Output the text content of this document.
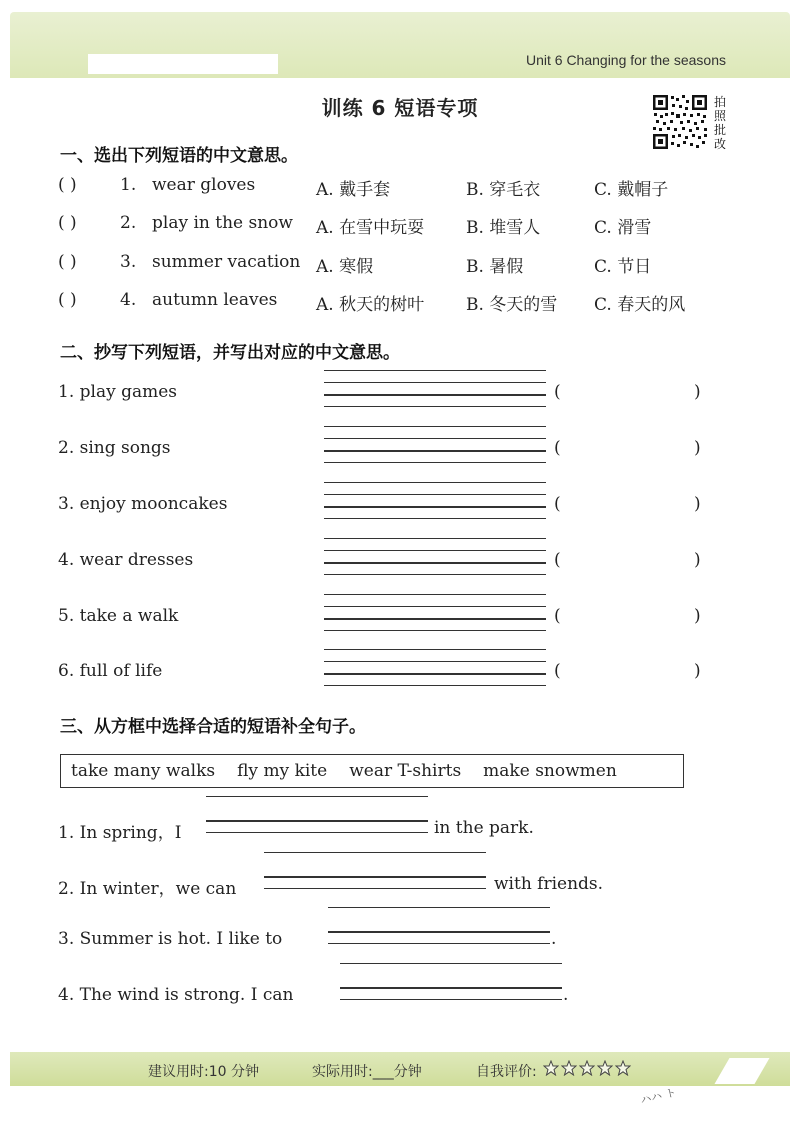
Unit 6 Changing for the seasons
训练 6 短语专项	拍
照
批
改
一、选出下列短语的中文意思。
( )	1. wear gloves	A. 戴手套	B. 穿毛衣	C. 戴帽子
( )	2. play in the snow A. 在雪中玩耍 B. 堆雪人	C. 滑雪
( )	3. summer vacation A. 寒假	B. 暑假	C. 节日
( )	4. autumn leaves A. 秋天的树叶 B. 冬天的雪 C. 春天的风
二、抄写下列短语，并写出对应的中文意思。
1. play games	(	)
2. sing songs	(	)
3. enjoy mooncakes	(	)
4. wear dresses	(	)
5. take a walk	(	)
6. full of life	(	)
三、从方框中选择合适的短语补全句子。
take many walks fly my kite wear T-shirts make snowmen
1. In spring，I	in the park.
2. In winter，we can	with friends.
3. Summer is hot. I like to	.
4. The wind is strong. I can	.
建议用时:10 分钟	实际用时:___分钟	自我评价:
ハハ ト
